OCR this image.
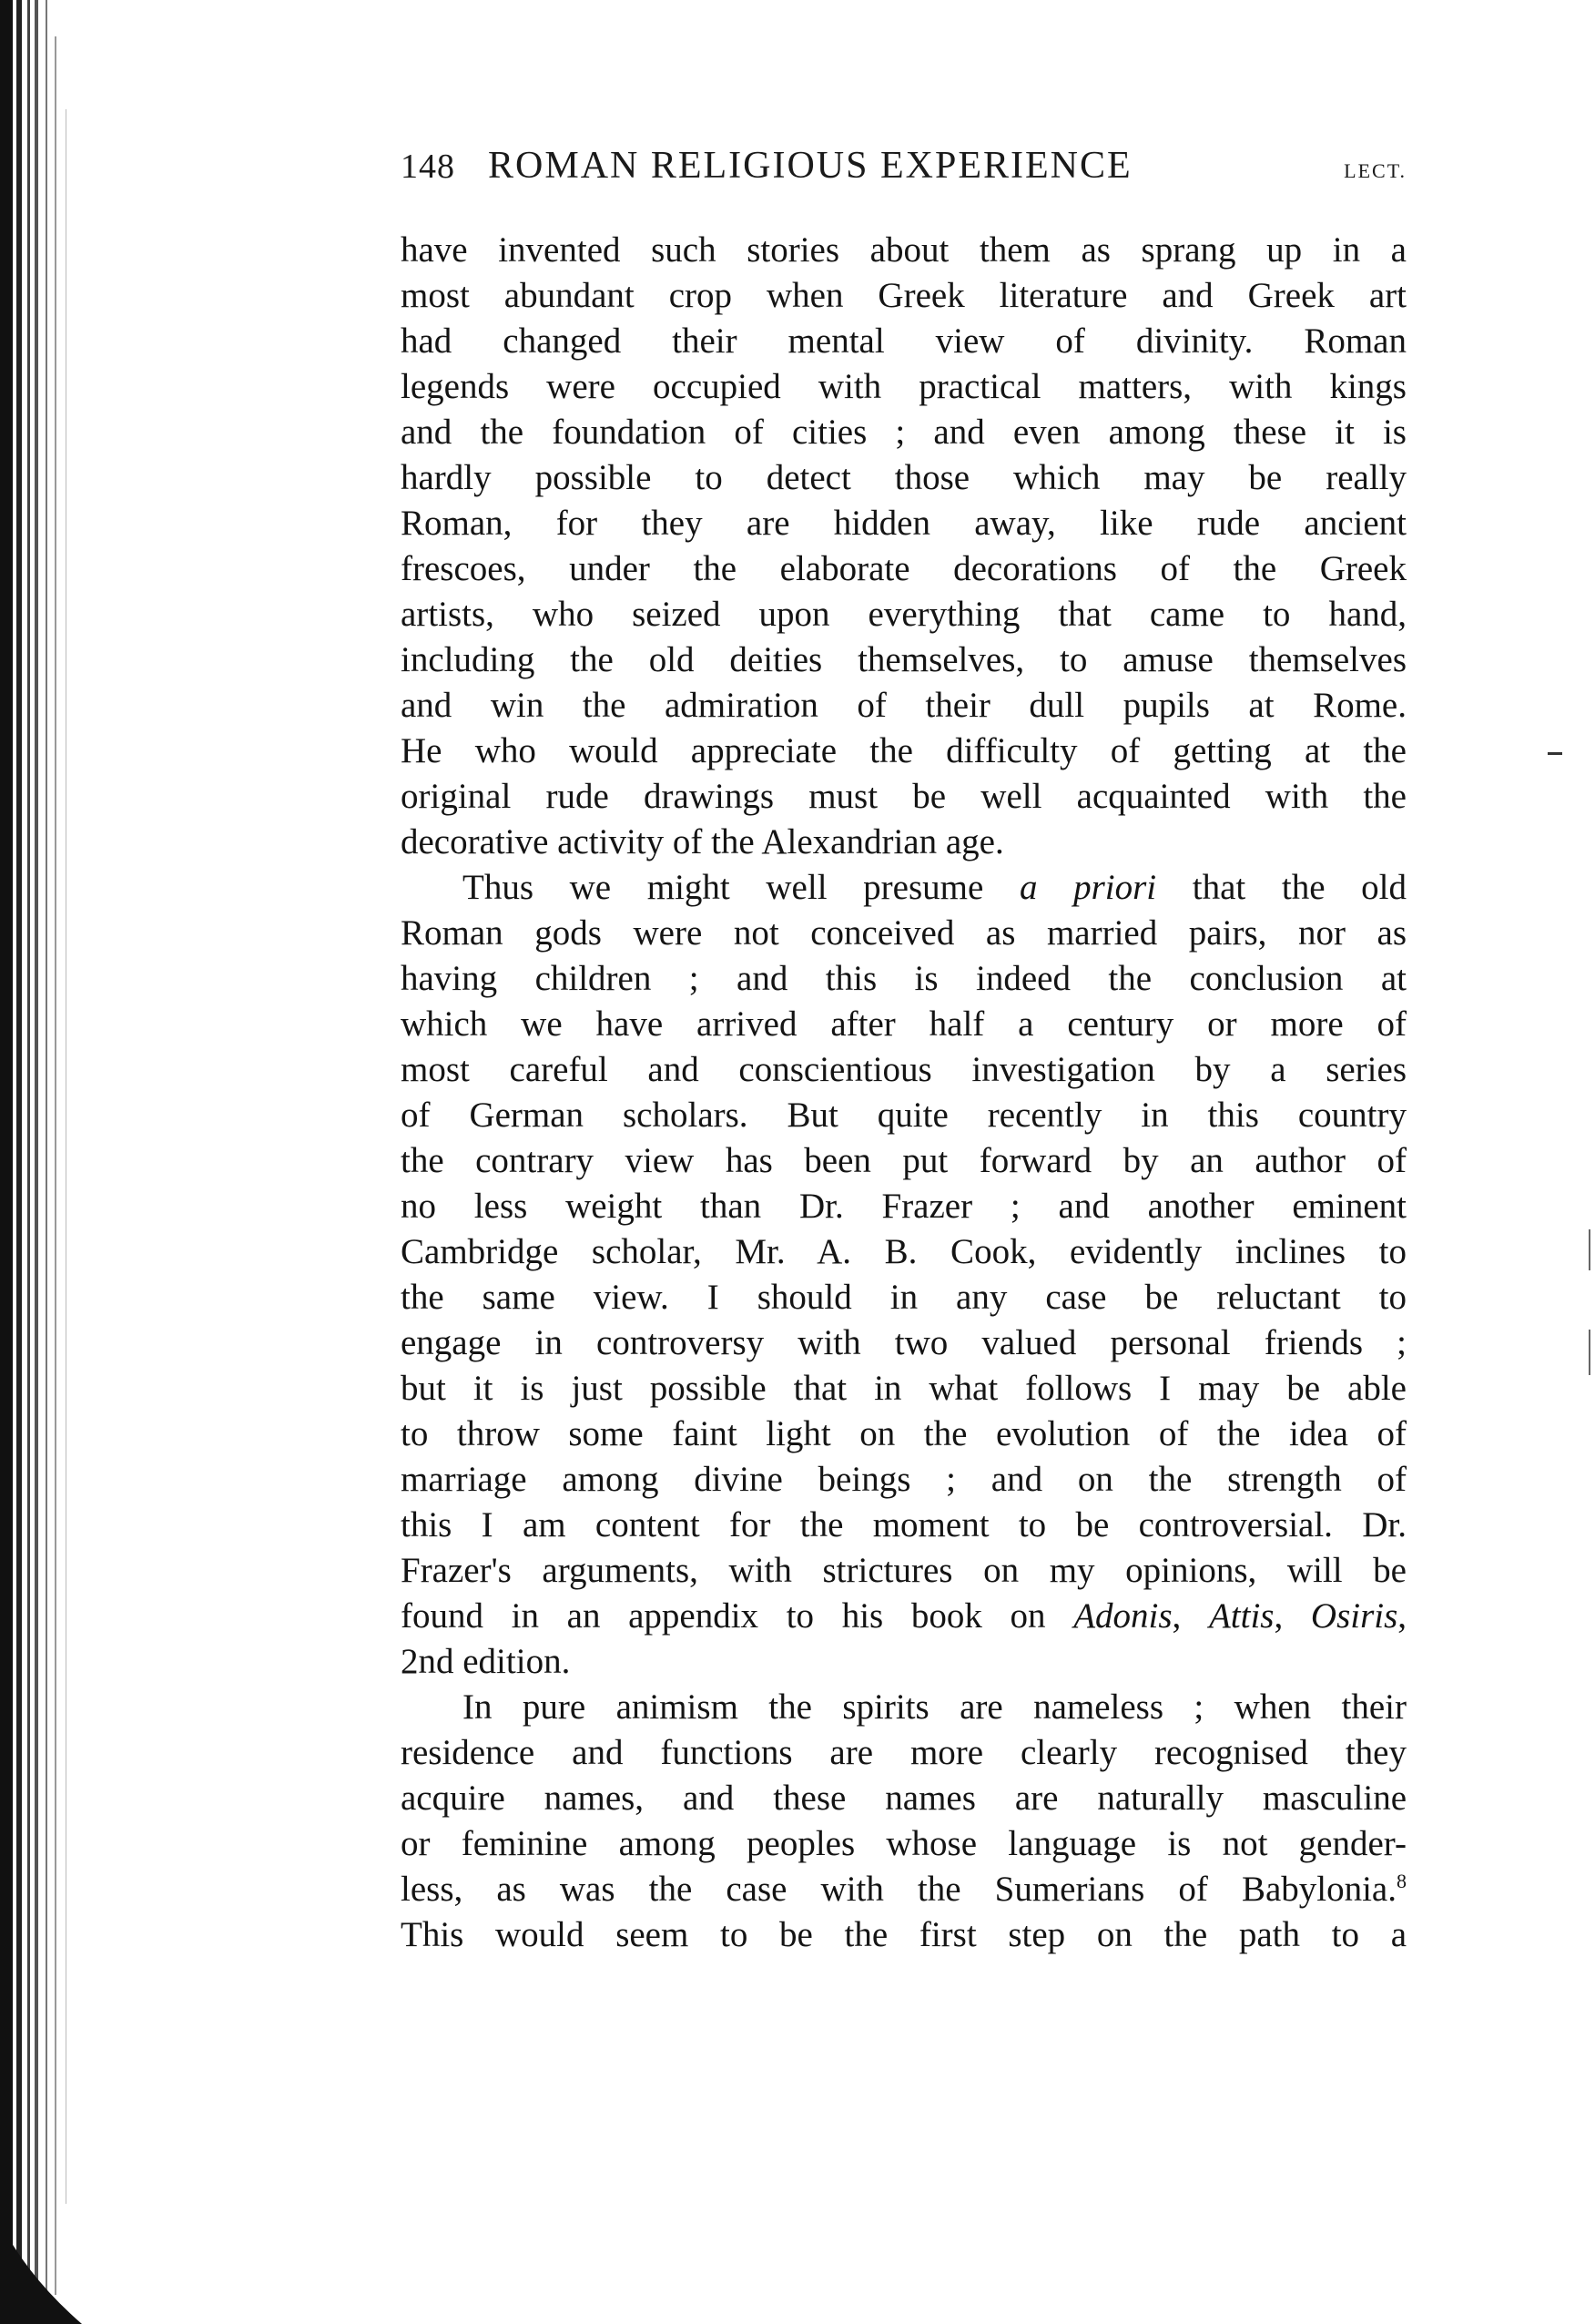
148 ROMAN RELIGIOUS EXPERIENCE	LECT.
have invented such stories about them as sprang up in a
most abundant crop when Greek literature and Greek art
had changed their mental view of divinity. Roman
legends were occupied with practical matters, with kings
and the foundation of cities ; and even among these it is
hardly possible to detect those which may be really
Roman, for they are hidden away, like rude ancient
frescoes, under the elaborate decorations of the Greek
artists, who seized upon everything that came to hand,
including the old deities themselves, to amuse themselves
and win the admiration of their dull pupils at Rome.
He who would appreciate the difficulty of getting at the
original rude drawings must be well acquainted with the
decorative activity of the Alexandrian age.
Thus we might well presume a priori that the old
Roman gods were not conceived as married pairs, nor as
having children ; and this is indeed the conclusion at
which we have arrived after half a century or more of
most careful and conscientious investigation by a series
of German scholars. But quite recently in this country
the contrary view has been put forward by an author of
no less weight than Dr. Frazer ; and another eminent
Cambridge scholar, Mr. A. B. Cook, evidently inclines to
the same view. I should in any case be reluctant to
engage in controversy with two valued personal friends ;
but it is just possible that in what follows I may be able
to throw some faint light on the evolution of the idea of
marriage among divine beings ; and on the strength of
this I am content for the moment to be controversial. Dr.
Frazer's arguments, with strictures on my opinions, will be
found in an appendix to his book on Adonis, Attis, Osiris,
2nd edition.
In pure animism the spirits are nameless ; when their
residence and functions are more clearly recognised they
acquire names, and these names are naturally masculine
or feminine among peoples whose language is not gender-
less, as was the case with the Sumerians of Babylonia.$^8$
This would seem to be the first step on the path to a
